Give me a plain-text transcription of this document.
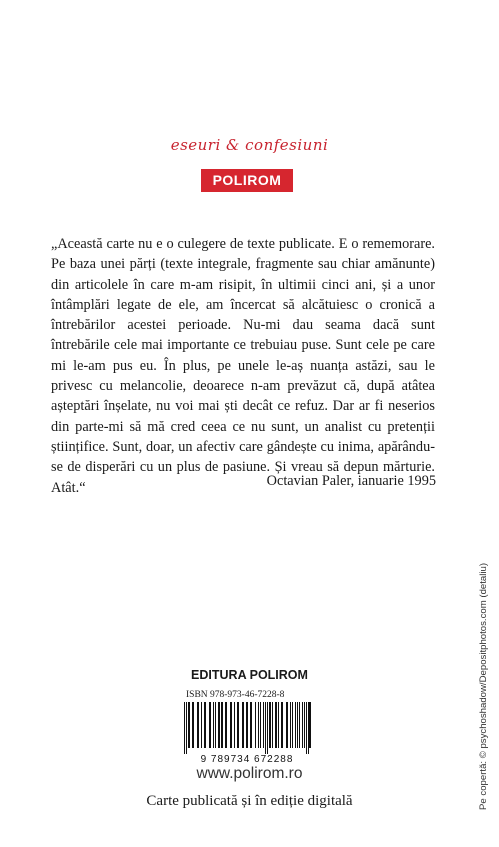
eseuri & confesiuni
POLIROM

„Această carte nu e o culegere de texte publicate. E o rememorare. Pe baza unei părți (texte integrale, fragmente sau chiar amănunte) din articolele în care m-am risipit, în ultimii cinci ani, și a unor întâmplări legate de ele, am încercat să alcătuiesc o cronică a întrebărilor acestei perioade. Nu-mi dau seama dacă sunt întrebările cele mai importante ce trebuiau puse. Sunt cele pe care mi le-am pus eu. În plus, pe unele le-aș nuanța astăzi, sau le privesc cu melancolie, deoarece n-am prevăzut că, după atâtea așteptări înșelate, nu voi mai ști decât ce refuz. Dar ar fi neserios din parte-mi să mă cred ceea ce nu sunt, un analist cu pretenții științifice. Sunt, doar, un afectiv care gândește cu inima, apărându-se de disperări cu un plus de pasiune. Și vreau să depun mărturie. Atât.“	Octavian Paler, ianuarie 1995
Pe copertă: © psychoshadow/Depositphotos.com (detaliu)
EDITURA POLIROM
ISBN 978-973-46-7228-8
9 789734 672288
www.polirom.ro
Carte publicată și în ediție digitală
